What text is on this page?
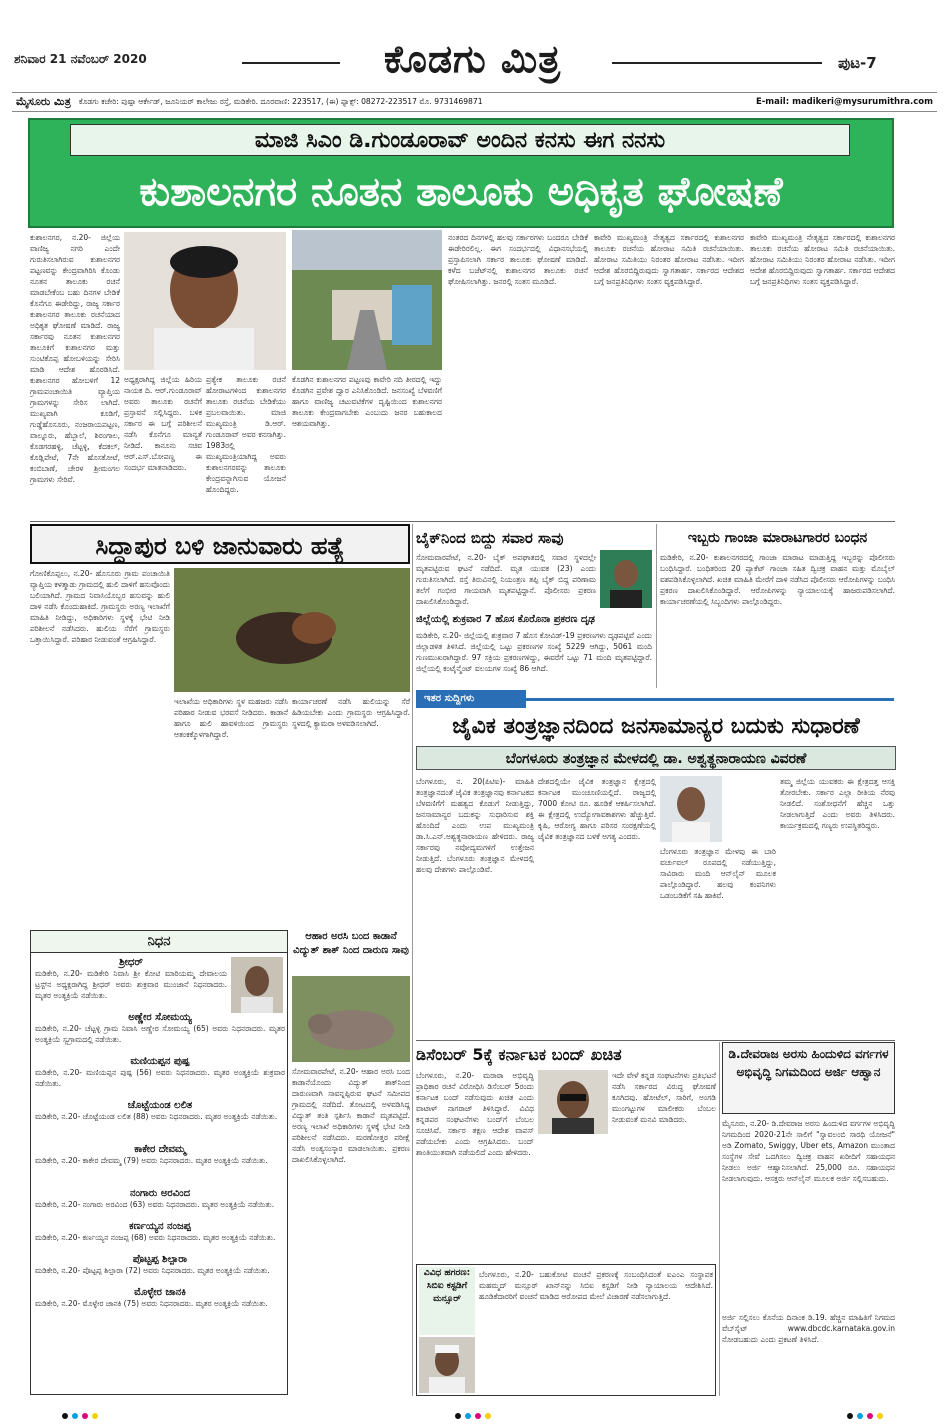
ಶನಿವಾರ 21 ನವೆಂಬರ್ 2020	ಕೊಡಗು ಮಿತ್ರ	ಪುಟ-7
ಮೈಸೂರು ಮಿತ್ರ ಕೊಡಗು ಕಚೇರಿ: ಪುಷ್ಪಾ ಆರ್ಕೇಡ್, ಜೂನಿಯರ್ ಕಾಲೇಜು ರಸ್ತೆ, ಮಡಿಕೇರಿ. ದೂರವಾಣಿ: 223517, (ಈ) ಫ್ಯಾಕ್ಸ್: 08272-223517 ಮೊ. 9731469871	E-mail: madikeri@mysurumithra.com
ಮಾಜಿ ಸಿಎಂ ಡಿ.ಗುಂಡೂರಾವ್ ಅಂದಿನ ಕನಸು ಈಗ ನನಸು
ಕುಶಾಲನಗರ ನೂತನ ತಾಲೂಕು ಅಧಿಕೃತ ಘೋಷಣೆ
ಕುಶಾಲನಗರ, ನ.20- ಜಿಲ್ಲೆಯ ವಾಣಿಜ್ಯ ನಗರಿ ಎಂದೇ ಗುರುತಿಸಲಾಗಿರುವ ಕುಶಾಲನಗರ ಪಟ್ಟಣವನ್ನು ಕೇಂದ್ರವಾಗಿರಿಸಿ ಕೊಂಡು ನೂತನ ತಾಲೂಕು ರಚನೆ ಮಾಡಬೇಕೆಂಬ ಬಹು ದಿನಗಳ ಬೇಡಿಕೆ ಕೊನೆಗೂ ಈಡೇರಿದ್ದು, ರಾಜ್ಯ ಸರ್ಕಾರ ಕುಶಾಲನಗರ ತಾಲೂಕು ರಚನೆಯಾದ ಅಧಿಕೃತ ಘೋಷಣೆ ಮಾಡಿದೆ. ರಾಜ್ಯ ಸರ್ಕಾರವು ನೂತನ ಕುಶಾಲನಗರ ತಾಲೂಕಿಗೆ ಕುಶಾಲನಗರ ಮತ್ತು ಸುಂಟಿಕೊಪ್ಪ ಹೋಬಳಿಯನ್ನು ಸೇರಿಸಿ ಮಾಡಿ ಆದೇಶ ಹೊರಡಿಸಿದೆ. ಕುಶಾಲನಗರ ಹೋಬಳಿಗೆ 12 ಗ್ರಾಮಪಂಚಾಯಿತಿ ವ್ಯಾಪ್ತಿಯ ಗ್ರಾಮಗಳನ್ನು ಸೇರಿಸ ಲಾಗಿದೆ. ಮುಖ್ಯವಾಗಿ ಕೂಡಿಗೆ, ಗುಡ್ಡೆಹೊಸೂರು, ನಂಜರಾಯಪಟ್ಟಣ, ವಾಲ್ನೂರು, ಹೆಬ್ಬಾಲೆ, ಶಿರಂಗಾಲ, ಕೊಡಗರಹಳ್ಳಿ, ಚೆಟ್ಟಳ್ಳಿ, ಕೆದಕಲ್, ಕೊಡ್ಲಿಪೇಟೆ, 7ನೇ ಹೊಸಕೋಟೆ, ಕಂಬಿಬಾಣೆ, ಚೇರಳ ಶ್ರೀಮಂಗಲ ಗ್ರಾಮಗಳು ಸೇರಿವೆ.
ಅಧ್ಯಕ್ಷರಾಗಿದ್ದ ಜಿಲ್ಲೆಯ ಹಿರಿಯ ನಾಯಕ ದಿ. ಆರ್.ಗುಂಡೂರಾವ್ ಅವರು ತಾಲೂಕು ರಚನೆಗೆ ಪ್ರಸ್ತಾವನೆ ಸಲ್ಲಿಸಿದ್ದರು. ಬಳಿಕ ಸರ್ಕಾರ ಈ ಬಗ್ಗೆ ಪರಿಶೀಲನೆ ನಡೆಸಿ ಕೊನೆಗೂ ಮಾನ್ಯತೆ ನೀಡಿದೆ. ಕಾನೂನು ಸಚಿವ ಆರ್.ಎಸ್.ಬೋಪಣ್ಣ ಈ ಸಂದರ್ಭ ಮಾತನಾಡಿದರು.
ಪ್ರತ್ಯೇಕ ತಾಲೂಕು ರಚನೆ ಹೋರಾಟಗಳಿಂದ ಕುಶಾಲನಗರ ತಾಲೂಕು ರಚನೆಯ ಬೇಡಿಕೆಯು ಪ್ರಬಲವಾಯಿತು. ಮಾಜಿ ಮುಖ್ಯಮಂತ್ರಿ ಡಿ.ಆರ್. ಗುಂಡೂರಾವ್ ಅವರ ಕನಸಾಗಿತ್ತು. 1983ರಲ್ಲಿ ಮುಖ್ಯಮಂತ್ರಿಯಾಗಿದ್ದ ಅವರು ಕುಶಾಲನಗರವನ್ನು ತಾಲೂಕು ಕೇಂದ್ರವನ್ನಾಗಿಸುವ ಯೋಜನೆ ಹೊಂದಿದ್ದರು.
ಕೊಡಗಿನ ಕುಶಾಲನಗರ ಪಟ್ಟಣವು ಕಾವೇರಿ ನದಿ ತೀರದಲ್ಲಿ ಇದ್ದು ಕೊಡಗಿನ ಪ್ರವೇಶ ದ್ವಾರ ಎನಿಸಿಕೊಂಡಿದೆ. ಜನಸಂಖ್ಯೆ ಬೆಳವಣಿಗೆ ಹಾಗೂ ವಾಣಿಜ್ಯ ಚಟುವಟಿಕೆಗಳ ದೃಷ್ಟಿಯಿಂದ ಕುಶಾಲನಗರ ತಾಲೂಕು ಕೇಂದ್ರವಾಗಬೇಕು ಎಂಬುದು ಜನರ ಬಹುಕಾಲದ ಆಶಯವಾಗಿತ್ತು.
ನಂತರದ ದಿನಗಳಲ್ಲಿ ಹಲವು ಸರ್ಕಾರಗಳು ಬಂದರೂ ಬೇಡಿಕೆ ಈಡೇರಿರಲಿಲ್ಲ. ಈಗ ಸಂದರ್ಭದಲ್ಲಿ ವಿಧಾನಸಭೆಯಲ್ಲಿ ಪ್ರಸ್ತಾಪಿಸಲಾಗಿ ಸರ್ಕಾರ ತಾಲೂಕು ಘೋಷಣೆ ಮಾಡಿದೆ. ಕಳೆದ ಬಜೆಟ್‌ನಲ್ಲಿ ಕುಶಾಲನಗರ ತಾಲೂಕು ರಚನೆ ಘೋಷಿಸಲಾಗಿತ್ತು. ಜನರಲ್ಲಿ ಸಂತಸ ಮೂಡಿದೆ.
ಕಾವೇರಿ ಮುಖ್ಯಮಂತ್ರಿ ನೇತೃತ್ವದ ಸರ್ಕಾರದಲ್ಲಿ ಕುಶಾಲನಗರ ತಾಲೂಕು ರಚನೆಯ ಹೋರಾಟ ಸಮಿತಿ ರಚನೆಯಾಯಿತು. ಹೋರಾಟ ಸಮಿತಿಯು ನಿರಂತರ ಹೋರಾಟ ನಡೆಸಿತು. ಇದೀಗ ಆದೇಶ ಹೊರಬಿದ್ದಿರುವುದು ಸ್ವಾಗತಾರ್ಹ. ಸರ್ಕಾರದ ಆದೇಶದ ಬಗ್ಗೆ ಜನಪ್ರತಿನಿಧಿಗಳು ಸಂತಸ ವ್ಯಕ್ತಪಡಿಸಿದ್ದಾರೆ.
ಕಾವೇರಿ ಮುಖ್ಯಮಂತ್ರಿ ನೇತೃತ್ವದ ಸರ್ಕಾರದಲ್ಲಿ ಕುಶಾಲನಗರ ತಾಲೂಕು ರಚನೆಯ ಹೋರಾಟ ಸಮಿತಿ ರಚನೆಯಾಯಿತು. ಹೋರಾಟ ಸಮಿತಿಯು ನಿರಂತರ ಹೋರಾಟ ನಡೆಸಿತು. ಇದೀಗ ಆದೇಶ ಹೊರಬಿದ್ದಿರುವುದು ಸ್ವಾಗತಾರ್ಹ. ಸರ್ಕಾರದ ಆದೇಶದ ಬಗ್ಗೆ ಜನಪ್ರತಿನಿಧಿಗಳು ಸಂತಸ ವ್ಯಕ್ತಪಡಿಸಿದ್ದಾರೆ.
ಸಿದ್ದಾಪುರ ಬಳಿ ಜಾನುವಾರು ಹತ್ಯೆ
ಗೋಣಿಕೊಪ್ಪಲು, ನ.20- ಹೊಸೂರು ಗ್ರಾಮ ಪಂಚಾಯಿತಿ ವ್ಯಾಪ್ತಿಯ ಕಳತ್ಮಾಡು ಗ್ರಾಮದಲ್ಲಿ ಹುಲಿ ದಾಳಿಗೆ ಹಸುವೊಂದು ಬಲಿಯಾಗಿದೆ. ಗ್ರಾಮದ ನಿವಾಸಿಯೊಬ್ಬರ ಹಸುವನ್ನು ಹುಲಿ ದಾಳಿ ನಡೆಸಿ ಕೊಂದುಹಾಕಿದೆ. ಗ್ರಾಮಸ್ಥರು ಅರಣ್ಯ ಇಲಾಖೆಗೆ ಮಾಹಿತಿ ನೀಡಿದ್ದು, ಅಧಿಕಾರಿಗಳು ಸ್ಥಳಕ್ಕೆ ಭೇಟಿ ನೀಡಿ ಪರಿಶೀಲನೆ ನಡೆಸಿದರು. ಹುಲಿಯ ಸೆರೆಗೆ ಗ್ರಾಮಸ್ಥರು ಒತ್ತಾಯಿಸಿದ್ದಾರೆ. ಪರಿಹಾರ ನೀಡುವಂತೆ ಆಗ್ರಹಿಸಿದ್ದಾರೆ.
ಇಲಾಖೆಯ ಅಧಿಕಾರಿಗಳು ಸ್ಥಳ ಮಹಜರು ನಡೆಸಿ ಪರಿಹಾರ ನೀಡುವ ಭರವಸೆ ನೀಡಿದರು. ಕಾಡಾನೆ ಹಾಗೂ ಹುಲಿ ಹಾವಳಿಯಿಂದ ಗ್ರಾಮಸ್ಥರು ಆತಂಕಕ್ಕೊಳಗಾಗಿದ್ದಾರೆ.
ಕಾರ್ಯಾಚರಣೆ ನಡೆಸಿ ಹುಲಿಯನ್ನು ಸೆರೆ ಹಿಡಿಯಬೇಕು ಎಂದು ಗ್ರಾಮಸ್ಥರು ಆಗ್ರಹಿಸಿದ್ದಾರೆ. ಸ್ಥಳದಲ್ಲಿ ಕ್ಯಾಮರಾ ಅಳವಡಿಸಲಾಗಿದೆ.
ಬೈಕ್‌ನಿಂದ ಬಿದ್ದು ಸವಾರ ಸಾವು
ಸೋಮವಾರಪೇಟೆ, ನ.20- ಬೈಕ್ ಅಪಘಾತದಲ್ಲಿ ಸವಾರ ಸ್ಥಳದಲ್ಲೇ ಮೃತಪಟ್ಟಿರುವ ಘಟನೆ ನಡೆದಿದೆ. ಮೃತ ಯುವಕ (23) ಎಂದು ಗುರುತಿಸಲಾಗಿದೆ. ರಸ್ತೆ ತಿರುವಿನಲ್ಲಿ ನಿಯಂತ್ರಣ ತಪ್ಪಿ ಬೈಕ್ ಬಿದ್ದ ಪರಿಣಾಮ ತಲೆಗೆ ಗಂಭೀರ ಗಾಯವಾಗಿ ಮೃತಪಟ್ಟಿದ್ದಾನೆ. ಪೊಲೀಸರು ಪ್ರಕರಣ ದಾಖಲಿಸಿಕೊಂಡಿದ್ದಾರೆ.
ಜಿಲ್ಲೆಯಲ್ಲಿ ಶುಕ್ರವಾರ 7 ಹೊಸ ಕೊರೊನಾ ಪ್ರಕರಣ ದೃಢ
ಮಡಿಕೇರಿ, ನ.20- ಜಿಲ್ಲೆಯಲ್ಲಿ ಶುಕ್ರವಾರ 7 ಹೊಸ ಕೋವಿಡ್-19 ಪ್ರಕರಣಗಳು ದೃಢಪಟ್ಟಿವೆ ಎಂದು ಜಿಲ್ಲಾಡಳಿತ ತಿಳಿಸಿದೆ. ಜಿಲ್ಲೆಯಲ್ಲಿ ಒಟ್ಟು ಪ್ರಕರಣಗಳ ಸಂಖ್ಯೆ 5229 ಆಗಿದ್ದು, 5061 ಮಂದಿ ಗುಣಮುಖರಾಗಿದ್ದಾರೆ. 97 ಸಕ್ರಿಯ ಪ್ರಕರಣಗಳಿದ್ದು, ಈವರೆಗೆ ಒಟ್ಟು 71 ಮಂದಿ ಮೃತಪಟ್ಟಿದ್ದಾರೆ. ಜಿಲ್ಲೆಯಲ್ಲಿ ಕಂಟೈನ್ಮೆಂಟ್ ವಲಯಗಳ ಸಂಖ್ಯೆ 86 ಆಗಿದೆ.
ಇಬ್ಬರು ಗಾಂಜಾ ಮಾರಾಟಗಾರರ ಬಂಧನ
ಮಡಿಕೇರಿ, ನ.20- ಕುಶಾಲನಗರದಲ್ಲಿ ಗಾಂಜಾ ಮಾರಾಟ ಮಾಡುತ್ತಿದ್ದ ಇಬ್ಬರನ್ನು ಪೊಲೀಸರು ಬಂಧಿಸಿದ್ದಾರೆ. ಬಂಧಿತರಿಂದ 20 ಪ್ಯಾಕೆಟ್ ಗಾಂಜಾ ಸಹಿತ ದ್ವಿಚಕ್ರ ವಾಹನ ಮತ್ತು ಮೊಬೈಲ್ ವಶಪಡಿಸಿಕೊಳ್ಳಲಾಗಿದೆ. ಖಚಿತ ಮಾಹಿತಿ ಮೇರೆಗೆ ದಾಳಿ ನಡೆಸಿದ ಪೊಲೀಸರು ಆರೋಪಿಗಳನ್ನು ಬಂಧಿಸಿ ಪ್ರಕರಣ ದಾಖಲಿಸಿಕೊಂಡಿದ್ದಾರೆ. ಆರೋಪಿಗಳನ್ನು ನ್ಯಾಯಾಲಯಕ್ಕೆ ಹಾಜರುಪಡಿಸಲಾಗಿದೆ. ಕಾರ್ಯಾಚರಣೆಯಲ್ಲಿ ಸಿಬ್ಬಂದಿಗಳು ಪಾಲ್ಗೊಂಡಿದ್ದರು.
ಇತರ ಸುದ್ದಿಗಳು
ಜೈವಿಕ ತಂತ್ರಜ್ಞಾನದಿಂದ ಜನಸಾಮಾನ್ಯರ ಬದುಕು ಸುಧಾರಣೆ
ಬೆಂಗಳೂರು ತಂತ್ರಜ್ಞಾನ ಮೇಳದಲ್ಲಿ ಡಾ. ಅಶ್ವತ್ಥನಾರಾಯಣ ವಿವರಣೆ
ಬೆಂಗಳೂರು, ನ. 20(ಪಿಟಿಐ)- ಮಾಹಿತಿ ತಂತ್ರಜ್ಞಾನದಂತೆ ಜೈವಿಕ ತಂತ್ರಜ್ಞಾನವು ಕರ್ನಾಟಕದ ಬೆಳವಣಿಗೆಗೆ ಮಹತ್ವದ ಕೊಡುಗೆ ನೀಡುತ್ತಿದ್ದು, ಜನಸಾಮಾನ್ಯರ ಬದುಕನ್ನು ಸುಧಾರಿಸುವ ಶಕ್ತಿ ಹೊಂದಿದೆ ಎಂದು ಉಪ ಮುಖ್ಯಮಂತ್ರಿ ಡಾ.ಸಿ.ಎನ್.ಅಶ್ವತ್ಥನಾರಾಯಣ ಹೇಳಿದರು. ರಾಜ್ಯ ಸರ್ಕಾರವು ನವೋದ್ಯಮಗಳಿಗೆ ಉತ್ತೇಜನ ನೀಡುತ್ತಿದೆ. ಬೆಂಗಳೂರು ತಂತ್ರಜ್ಞಾನ ಮೇಳದಲ್ಲಿ ಹಲವು ದೇಶಗಳು ಪಾಲ್ಗೊಂಡಿವೆ.
ದೇಶದಲ್ಲಿಯೇ ಜೈವಿಕ ತಂತ್ರಜ್ಞಾನ ಕ್ಷೇತ್ರದಲ್ಲಿ ಕರ್ನಾಟಕ ಮುಂಚೂಣಿಯಲ್ಲಿದೆ. ರಾಜ್ಯದಲ್ಲಿ 7000 ಕೋಟಿ ರೂ. ಹೂಡಿಕೆ ಆಕರ್ಷಿಸಲಾಗಿದೆ. ಈ ಕ್ಷೇತ್ರದಲ್ಲಿ ಉದ್ಯೋಗಾವಕಾಶಗಳು ಹೆಚ್ಚುತ್ತಿವೆ. ಕೃಷಿ, ಆರೋಗ್ಯ ಹಾಗೂ ಪರಿಸರ ಸಂರಕ್ಷಣೆಯಲ್ಲಿ ಜೈವಿಕ ತಂತ್ರಜ್ಞಾನದ ಬಳಕೆ ಅಗತ್ಯ ಎಂದರು.
ಬೆಂಗಳೂರು ತಂತ್ರಜ್ಞಾನ ಮೇಳವು ಈ ಬಾರಿ ವರ್ಚುವಲ್ ರೂಪದಲ್ಲಿ ನಡೆಯುತ್ತಿದ್ದು, ಸಾವಿರಾರು ಮಂದಿ ಆನ್‌ಲೈನ್ ಮೂಲಕ ಪಾಲ್ಗೊಂಡಿದ್ದಾರೆ. ಹಲವು ಕಂಪನಿಗಳು ಒಡಂಬಡಿಕೆಗೆ ಸಹಿ ಹಾಕಿವೆ.
ತಮ್ಮ ಜಿಲ್ಲೆಯ ಯುವಕರು ಈ ಕ್ಷೇತ್ರದತ್ತ ಆಸಕ್ತಿ ತೋರಬೇಕು. ಸರ್ಕಾರ ಎಲ್ಲಾ ರೀತಿಯ ನೆರವು ನೀಡಲಿದೆ. ಸಂಶೋಧನೆಗೆ ಹೆಚ್ಚಿನ ಒತ್ತು ನೀಡಲಾಗುತ್ತಿದೆ ಎಂದು ಅವರು ತಿಳಿಸಿದರು. ಕಾರ್ಯಕ್ರಮದಲ್ಲಿ ಗಣ್ಯರು ಉಪಸ್ಥಿತರಿದ್ದರು.
ನಿಧನ
ಶ್ರೀಧರ್
ಮಡಿಕೇರಿ, ನ.20- ಮಡಿಕೇರಿ ನಿವಾಸಿ ಶ್ರೀ ಕೋಟಿ ಮಾರಿಯಮ್ಮ ದೇವಾಲಯ ಟ್ರಸ್ಟ್‌ನ ಅಧ್ಯಕ್ಷರಾಗಿದ್ದ ಶ್ರೀಧರ್ ಅವರು ಶುಕ್ರವಾರ ಮುಂಜಾನೆ ನಿಧನರಾದರು. ಮೃತರ ಅಂತ್ಯಕ್ರಿಯೆ ನಡೆಯಿತು.
ಅಣ್ಣೇರ ಸೋಮಯ್ಯ
ಮಡಿಕೇರಿ, ನ.20- ಚೆಟ್ಟಳ್ಳಿ ಗ್ರಾಮ ನಿವಾಸಿ ಅಣ್ಣೇರ ಸೋಮಯ್ಯ (65) ಅವರು ನಿಧನರಾದರು. ಮೃತರ ಅಂತ್ಯಕ್ರಿಯೆ ಸ್ವಗ್ರಾಮದಲ್ಲಿ ನಡೆಯಿತು.
ಮಣಿಯಪ್ಪನ ಪುಷ್ಪ
ಮಡಿಕೇರಿ, ನ.20- ಮಣಿಯಪ್ಪನ ಪುಷ್ಪ (56) ಅವರು ನಿಧನರಾದರು. ಮೃತರ ಅಂತ್ಯಕ್ರಿಯೆ ಶುಕ್ರವಾರ ನಡೆಯಿತು.
ಚೊಟ್ಟೆಯಂಡ ಲಲಿತ
ಮಡಿಕೇರಿ, ನ.20- ಚೊಟ್ಟೆಯಂಡ ಲಲಿತ (88) ಅವರು ನಿಧನರಾದರು. ಮೃತರ ಅಂತ್ಯಕ್ರಿಯೆ ನಡೆಯಿತು.
ಕಾಕೇರ ದೇವಮ್ಮ
ಮಡಿಕೇರಿ, ನ.20- ಕಾಕೇರ ದೇವಮ್ಮ (79) ಅವರು ನಿಧನರಾದರು. ಮೃತರ ಅಂತ್ಯಕ್ರಿಯೆ ನಡೆಯಿತು.
ನಂಗಾರು ಅರವಿಂದ
ಮಡಿಕೇರಿ, ನ.20- ನಂಗಾರು ಅರವಿಂದ (63) ಅವರು ನಿಧನರಾದರು. ಮೃತರ ಅಂತ್ಯಕ್ರಿಯೆ ನಡೆಯಿತು.
ಕರ್ಣಯ್ಯನ ನಂಜಪ್ಪ
ಮಡಿಕೇರಿ, ನ.20- ಕರ್ಣಯ್ಯನ ನಂಜಪ್ಪ (68) ಅವರು ನಿಧನರಾದರು. ಮೃತರ ಅಂತ್ಯಕ್ರಿಯೆ ನಡೆಯಿತು.
ಪೊಟ್ಟಪ್ಪ ಶಿಲ್ಪಾರಾ
ಮಡಿಕೇರಿ, ನ.20- ಪೊಟ್ಟಪ್ಪ ಶಿಲ್ಪಾರಾ (72) ಅವರು ನಿಧನರಾದರು. ಮೃತರ ಅಂತ್ಯಕ್ರಿಯೆ ನಡೆಯಿತು.
ಮೊಳ್ಳೇರ ಜಾನಕಿ
ಮಡಿಕೇರಿ, ನ.20- ಮೊಳ್ಳೇರ ಜಾನಕಿ (75) ಅವರು ನಿಧನರಾದರು. ಮೃತರ ಅಂತ್ಯಕ್ರಿಯೆ ನಡೆಯಿತು.
ಆಹಾರ ಅರಸಿ ಬಂದ ಕಾಡಾನೆ ವಿದ್ಯುತ್ ಶಾಕ್ ನಿಂದ ದಾರುಣ ಸಾವು
ಸೋಮವಾರಪೇಟೆ, ನ.20- ಆಹಾರ ಅರಸಿ ಬಂದ ಕಾಡಾನೆಯೊಂದು ವಿದ್ಯುತ್ ಶಾಕ್‌ನಿಂದ ದಾರುಣವಾಗಿ ಸಾವನ್ನಪ್ಪಿರುವ ಘಟನೆ ಸಮೀಪದ ಗ್ರಾಮದಲ್ಲಿ ನಡೆದಿದೆ. ತೋಟದಲ್ಲಿ ಅಳವಡಿಸಿದ್ದ ವಿದ್ಯುತ್ ತಂತಿ ಸ್ಪರ್ಶಿಸಿ ಕಾಡಾನೆ ಮೃತಪಟ್ಟಿದೆ. ಅರಣ್ಯ ಇಲಾಖೆ ಅಧಿಕಾರಿಗಳು ಸ್ಥಳಕ್ಕೆ ಭೇಟಿ ನೀಡಿ ಪರಿಶೀಲನೆ ನಡೆಸಿದರು. ಮರಣೋತ್ತರ ಪರೀಕ್ಷೆ ನಡೆಸಿ ಅಂತ್ಯಸಂಸ್ಕಾರ ಮಾಡಲಾಯಿತು. ಪ್ರಕರಣ ದಾಖಲಿಸಿಕೊಳ್ಳಲಾಗಿದೆ.
ಡಿಸೆಂಬರ್ 5ಕ್ಕೆ ಕರ್ನಾಟಕ ಬಂದ್ ಖಚಿತ
ಬೆಂಗಳೂರು, ನ.20- ಮರಾಠಾ ಅಭಿವೃದ್ಧಿ ಪ್ರಾಧಿಕಾರ ರಚನೆ ವಿರೋಧಿಸಿ ಡಿಸೆಂಬರ್ 5ರಂದು ಕರ್ನಾಟಕ ಬಂದ್ ನಡೆಸುವುದು ಖಚಿತ ಎಂದು ವಾಟಾಳ್ ನಾಗರಾಜ್ ತಿಳಿಸಿದ್ದಾರೆ. ವಿವಿಧ ಕನ್ನಡಪರ ಸಂಘಟನೆಗಳು ಬಂದ್‌ಗೆ ಬೆಂಬಲ ಸೂಚಿಸಿವೆ. ಸರ್ಕಾರ ತಕ್ಷಣ ಆದೇಶ ವಾಪಸ್ ಪಡೆಯಬೇಕು ಎಂದು ಆಗ್ರಹಿಸಿದರು. ಬಂದ್ ಶಾಂತಿಯುತವಾಗಿ ನಡೆಯಲಿದೆ ಎಂದು ಹೇಳಿದರು.
ಇದೇ ವೇಳೆ ಕನ್ನಡ ಸಂಘಟನೆಗಳು ಪ್ರತಿಭಟನೆ ನಡೆಸಿ ಸರ್ಕಾರದ ವಿರುದ್ಧ ಘೋಷಣೆ ಕೂಗಿದವು. ಹೋಟೆಲ್, ಸಾರಿಗೆ, ಅಂಗಡಿ ಮುಂಗಟ್ಟುಗಳ ಮಾಲೀಕರು ಬೆಂಬಲ ನೀಡುವಂತೆ ಮನವಿ ಮಾಡಿದರು.
ವಿವಿಧ ಹಗರಣ: ಸಿಬಿಐ ಕಸ್ಟಡಿಗೆ ಮನ್ಸೂರ್
ಬೆಂಗಳೂರು, ನ.20- ಬಹುಕೋಟಿ ವಂಚನೆ ಪ್ರಕರಣಕ್ಕೆ ಸಂಬಂಧಿಸಿದಂತೆ ಐಎಂಎ ಸಂಸ್ಥಾಪಕ ಮಹಮ್ಮದ್ ಮನ್ಸೂರ್ ಖಾನ್‌ನನ್ನು ಸಿಬಿಐ ಕಸ್ಟಡಿಗೆ ನೀಡಿ ನ್ಯಾಯಾಲಯ ಆದೇಶಿಸಿದೆ. ಹೂಡಿಕೆದಾರರಿಗೆ ವಂಚನೆ ಮಾಡಿದ ಆರೋಪದ ಮೇಲೆ ವಿಚಾರಣೆ ನಡೆಸಲಾಗುತ್ತಿದೆ.
ಡಿ.ದೇವರಾಜ ಅರಸು ಹಿಂದುಳಿದ ವರ್ಗಗಳ ಅಭಿವೃದ್ಧಿ ನಿಗಮದಿಂದ ಅರ್ಜಿ ಆಹ್ವಾನ
ಮೈಸೂರು, ನ.20- ಡಿ.ದೇವರಾಜ ಅರಸು ಹಿಂದುಳಿದ ವರ್ಗಗಳ ಅಭಿವೃದ್ಧಿ ನಿಗಮದಿಂದ 2020-21ನೇ ಸಾಲಿಗೆ "ಸ್ವಾವಲಂಬಿ ಸಾರಥಿ ಯೋಜನೆ" ಅಡಿ Zomato, Swiggy, Uber ets, Amazon ಮುಂತಾದ ಸಂಸ್ಥೆಗಳ ಸೇವೆ ಒದಗಿಸಲು ದ್ವಿಚಕ್ರ ವಾಹನ ಖರೀದಿಗೆ ಸಹಾಯಧನ ನೀಡಲು ಅರ್ಜಿ ಆಹ್ವಾನಿಸಲಾಗಿದೆ. 25,000 ರೂ. ಸಹಾಯಧನ ನೀಡಲಾಗುವುದು. ಆಸಕ್ತರು ಆನ್‌ಲೈನ್ ಮೂಲಕ ಅರ್ಜಿ ಸಲ್ಲಿಸಬಹುದು.
ಅರ್ಜಿ ಸಲ್ಲಿಸಲು ಕೊನೆಯ ದಿನಾಂಕ ಡಿ.19. ಹೆಚ್ಚಿನ ಮಾಹಿತಿಗೆ ನಿಗಮದ ವೆಬ್‌ಸೈಟ್ www.dbcdc.karnataka.gov.in ನೋಡಬಹುದು ಎಂದು ಪ್ರಕಟಣೆ ತಿಳಿಸಿದೆ.
